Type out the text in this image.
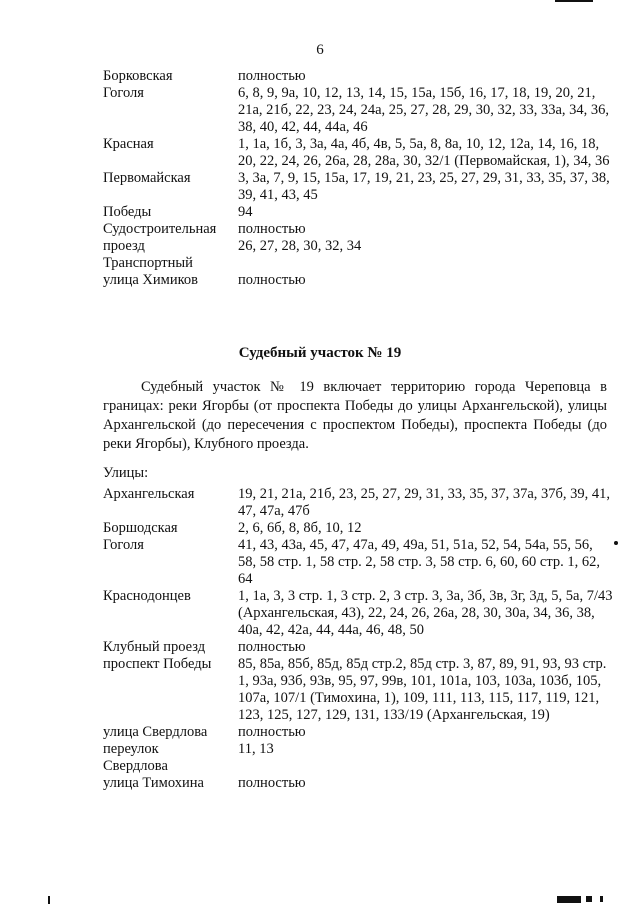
6
Борковская	полностью
Гоголя	6, 8, 9, 9а, 10, 12, 13, 14, 15, 15а, 15б, 16, 17, 18, 19, 20, 21, 21а, 21б, 22, 23, 24, 24а, 25, 27, 28, 29, 30, 32, 33, 33а, 34, 36, 38, 40, 42, 44, 44а, 46
Красная	1, 1а, 1б, 3, 3а, 4а, 4б, 4в, 5, 5а, 8, 8а, 10, 12, 12а, 14, 16, 18, 20, 22, 24, 26, 26а, 28, 28а, 30, 32/1 (Первомайская, 1), 34, 36
Первомайская	3, 3а, 7, 9, 15, 15а, 17, 19, 21, 23, 25, 27, 29, 31, 33, 35, 37, 38, 39, 41, 43, 45
Победы	94
Судостроительная	полностью
проезд	26, 27, 28, 30, 32, 34
Транспортный
улица Химиков	полностью
Судебный участок № 19

Судебный участок № 19 включает территорию города Череповца в границах: реки Ягорбы (от проспекта Победы до улицы Архангельской), улицы Архангельской (до пересечения с проспектом Победы), проспекта Победы (до реки Ягорбы), Клубного проезда.

Улицы:
Архангельская	19, 21, 21а, 21б, 23, 25, 27, 29, 31, 33, 35, 37, 37а, 37б, 39, 41, 47, 47а, 47б
Боршодская	2, 6, 6б, 8, 8б, 10, 12
Гоголя	41, 43, 43а, 45, 47, 47а, 49, 49а, 51, 51а, 52, 54, 54а, 55, 56, 58, 58 стр. 1, 58 стр. 2, 58 стр. 3, 58 стр. 6, 60, 60 стр. 1, 62, 64
Краснодонцев	1, 1а, 3, 3 стр. 1, 3 стр. 2, 3 стр. 3, 3а, 3б, 3в, 3г, 3д, 5, 5а, 7/43 (Архангельская, 43), 22, 24, 26, 26а, 28, 30, 30а, 34, 36, 38, 40а, 42, 42а, 44, 44а, 46, 48, 50
Клубный проезд	полностью
проспект Победы	85, 85а, 85б, 85д, 85д стр.2, 85д стр. 3, 87, 89, 91, 93, 93 стр. 1, 93а, 93б, 93в, 95, 97, 99в, 101, 101а, 103, 103а, 103б, 105, 107а, 107/1 (Тимохина, 1), 109, 111, 113, 115, 117, 119, 121, 123, 125, 127, 129, 131, 133/19 (Архангельская, 19)
улица Свердлова	полностью
переулок	11, 13
Свердлова
улица Тимохина	полностью
